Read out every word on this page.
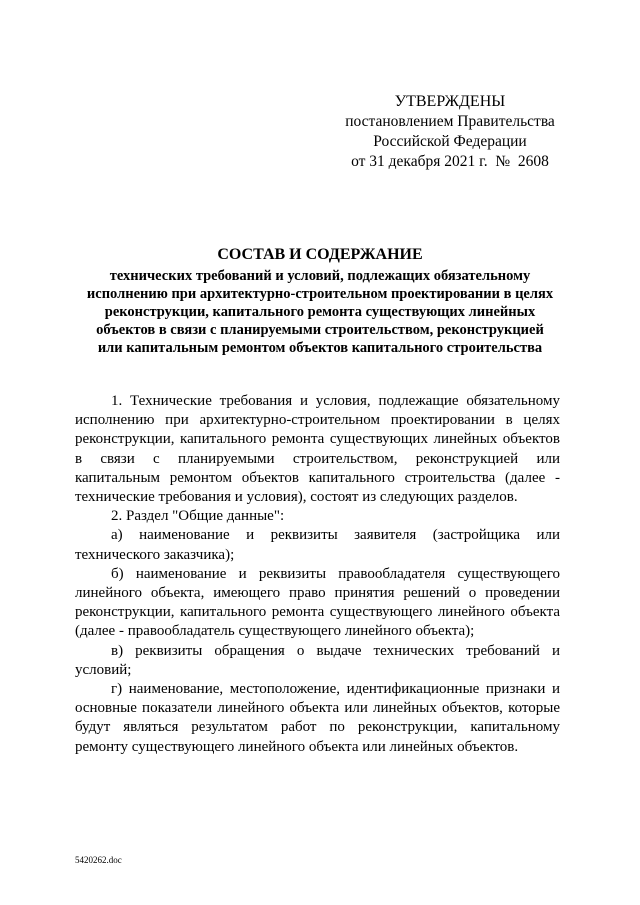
УТВЕРЖДЕНЫ
постановлением Правительства
Российской Федерации
от 31 декабря 2021 г.  №  2608
СОСТАВ И СОДЕРЖАНИЕ
технических требований и условий, подлежащих обязательному
исполнению при архитектурно-строительном проектировании в целях
реконструкции, капитального ремонта существующих линейных
объектов в связи с планируемыми строительством, реконструкцией
или капитальным ремонтом объектов капитального строительства

1. Технические требования и условия, подлежащие обязательному исполнению при архитектурно-строительном проектировании в целях реконструкции, капитального ремонта существующих линейных объектов в связи с планируемыми строительством, реконструкцией или капитальным ремонтом объектов капитального строительства (далее - технические требования и условия), состоят из следующих разделов.

2. Раздел "Общие данные":

а) наименование и реквизиты заявителя (застройщика или технического заказчика);

б) наименование и реквизиты правообладателя существующего линейного объекта, имеющего право принятия решений о проведении реконструкции, капитального ремонта существующего линейного объекта (далее - правообладатель существующего линейного объекта);

в) реквизиты обращения о выдаче технических требований и условий;

г) наименование, местоположение, идентификационные признаки и основные показатели линейного объекта или линейных объектов, которые будут являться результатом работ по реконструкции, капитальному ремонту существующего линейного объекта или линейных объектов.

5420262.doc
